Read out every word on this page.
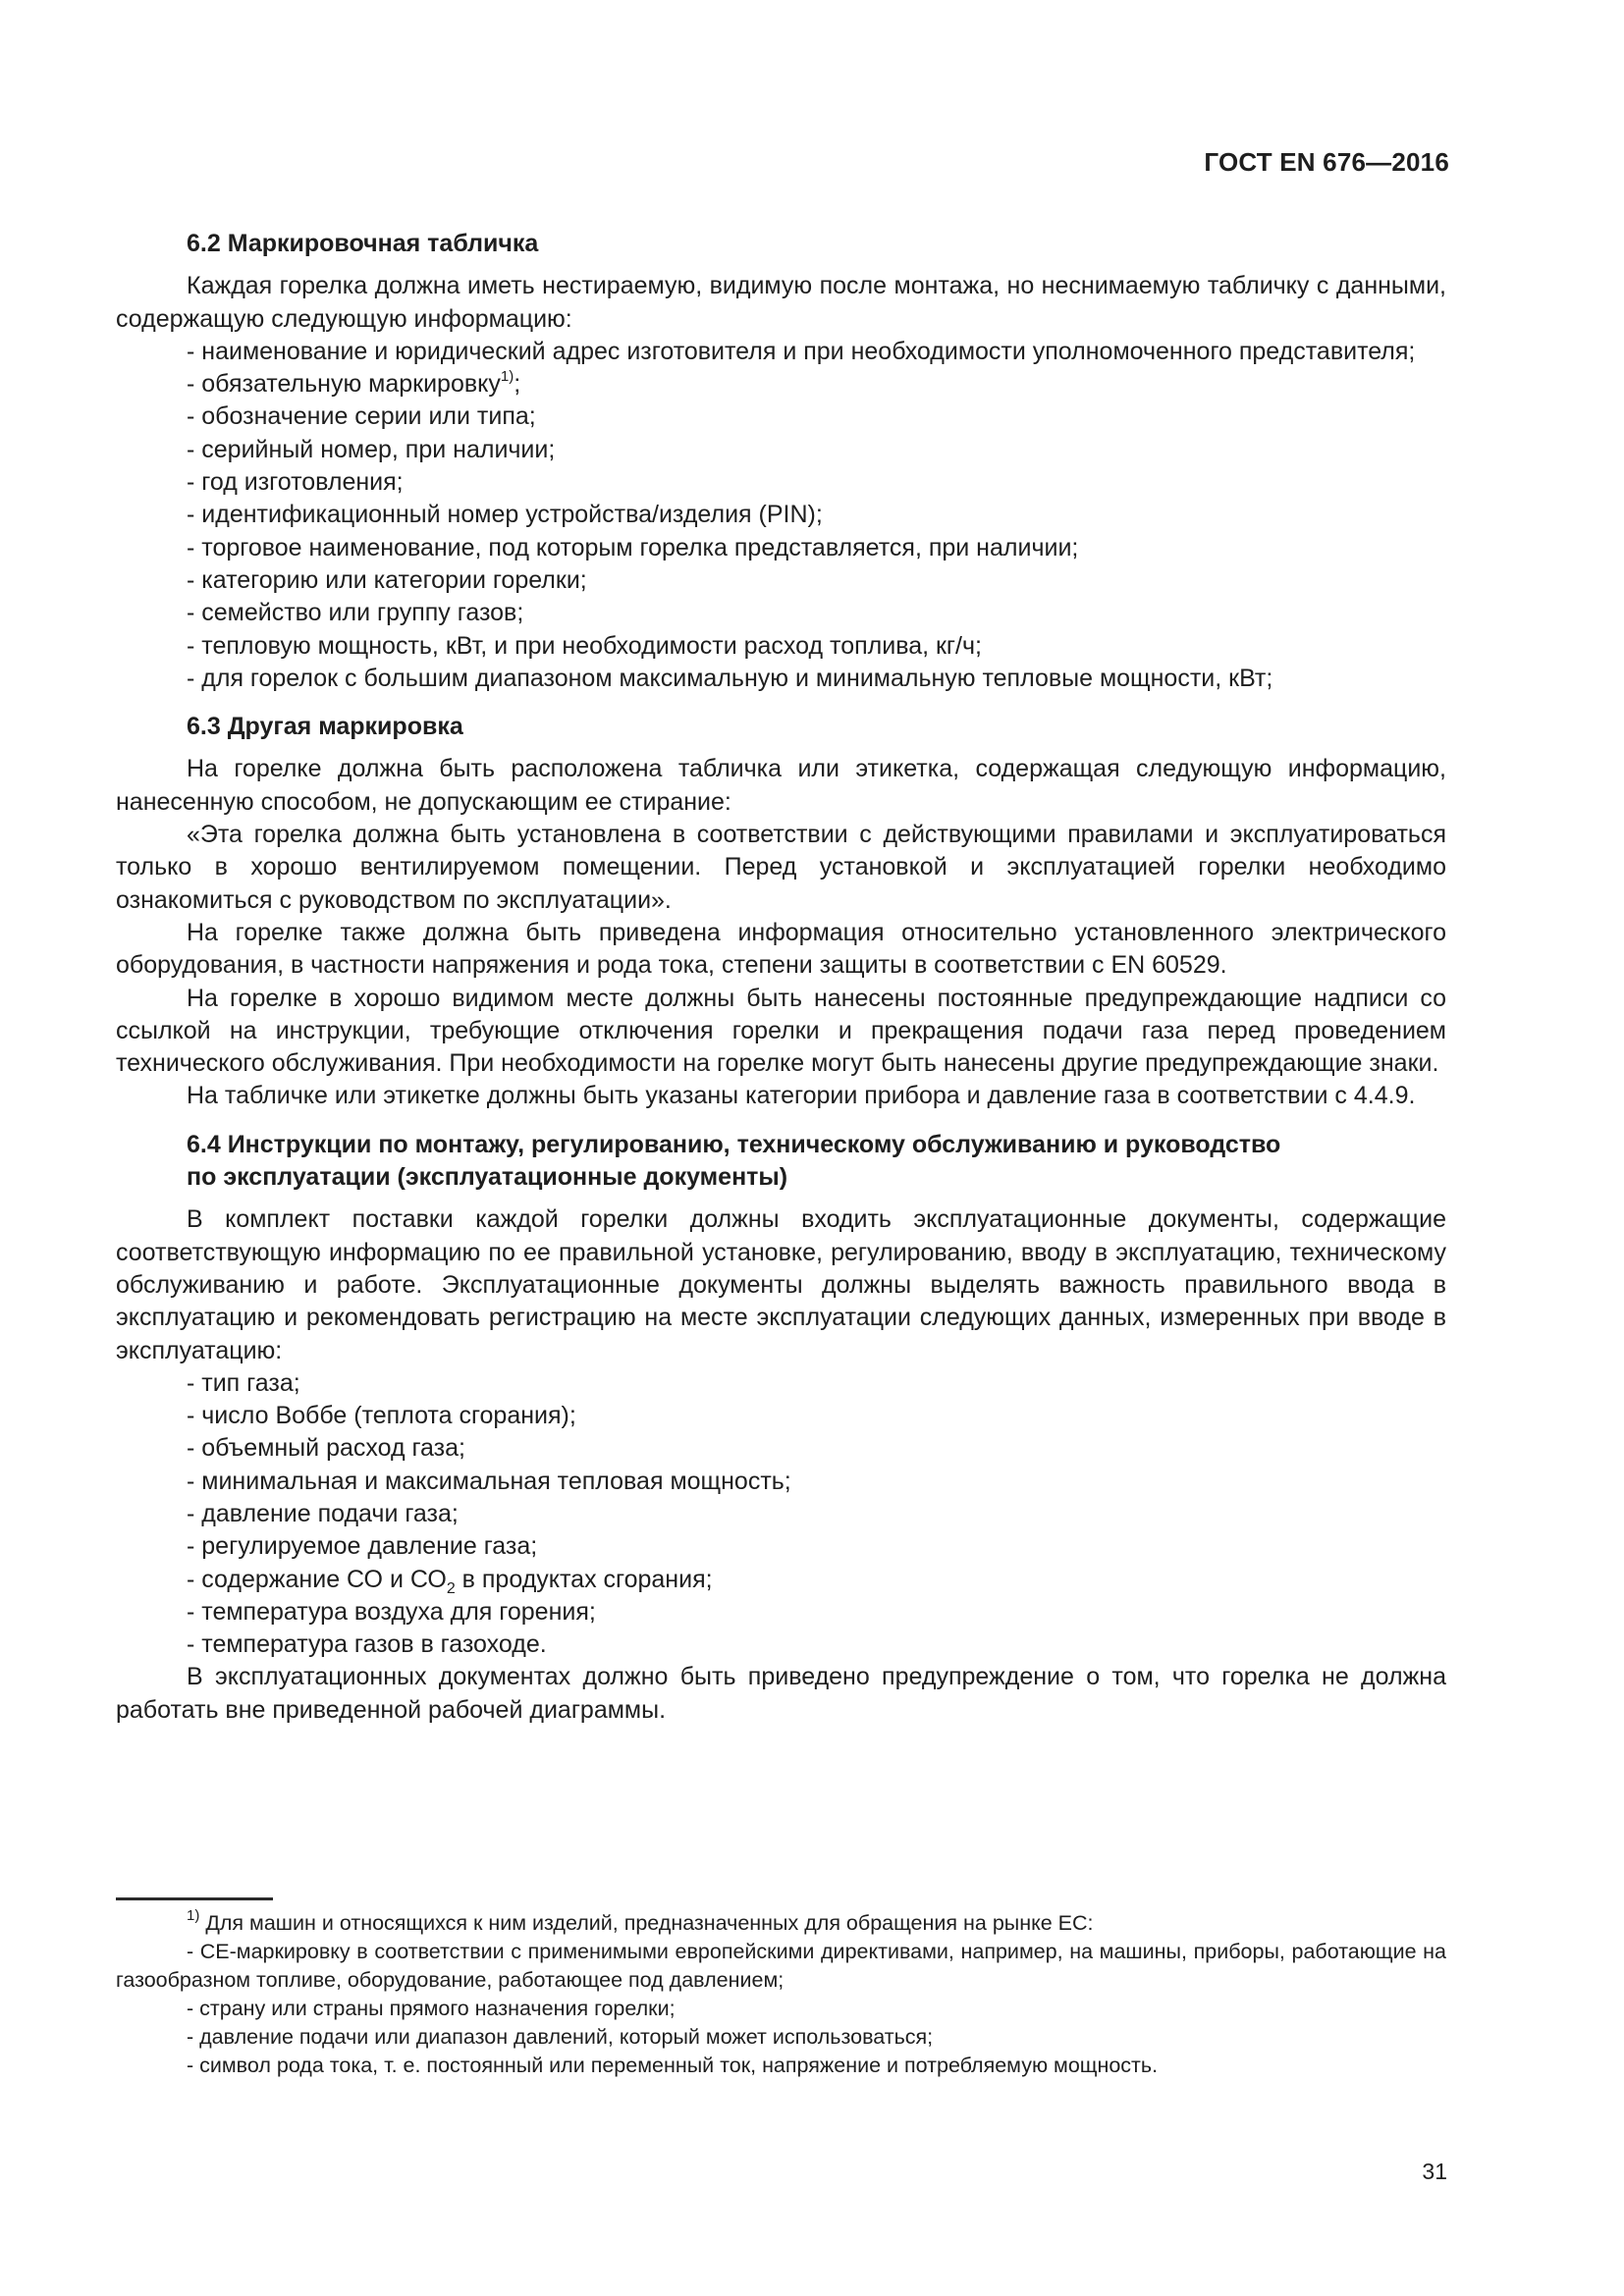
ГОСТ EN 676—2016
6.2 Маркировочная табличка

Каждая горелка должна иметь нестираемую, видимую после монтажа, но неснимаемую табличку с данными, содержащую следующую информацию:

- наименование и юридический адрес изготовителя и при необходимости уполномоченного представителя;
- обязательную маркировку$^{1)}$;
- обозначение серии или типа;
- серийный номер, при наличии;
- год изготовления;
- идентификационный номер устройства/изделия (PIN);
- торговое наименование, под которым горелка представляется, при наличии;
- категорию или категории горелки;
- семейство или группу газов;
- тепловую мощность, кВт, и при необходимости расход топлива, кг/ч;
- для горелок с большим диапазоном максимальную и минимальную тепловые мощности, кВт;
6.3 Другая маркировка

На горелке должна быть расположена табличка или этикетка, содержащая следующую информацию, нанесенную способом, не допускающим ее стирание:

«Эта горелка должна быть установлена в соответствии с действующими правилами и эксплуатироваться только в хорошо вентилируемом помещении. Перед установкой и эксплуатацией горелки необходимо ознакомиться с руководством по эксплуатации».

На горелке также должна быть приведена информация относительно установленного электрического оборудования, в частности напряжения и рода тока, степени защиты в соответствии с EN 60529.

На горелке в хорошо видимом месте должны быть нанесены постоянные предупреждающие надписи со ссылкой на инструкции, требующие отключения горелки и прекращения подачи газа перед проведением технического обслуживания. При необходимости на горелке могут быть нанесены другие предупреждающие знаки.

На табличке или этикетке должны быть указаны категории прибора и давление газа в соответствии с 4.4.9.

6.4 Инструкции по монтажу, регулированию, техническому обслуживанию и руководство
по эксплуатации (эксплуатационные документы)

В комплект поставки каждой горелки должны входить эксплуатационные документы, содержащие соответствующую информацию по ее правильной установке, регулированию, вводу в эксплуатацию, техническому обслуживанию и работе. Эксплуатационные документы должны выделять важность правильного ввода в эксплуатацию и рекомендовать регистрацию на месте эксплуатации следующих данных, измеренных при вводе в эксплуатацию:

- тип газа;
- число Воббе (теплота сгорания);
- объемный расход газа;
- минимальная и максимальная тепловая мощность;
- давление подачи газа;
- регулируемое давление газа;
- содержание СО и $СО_2$ в продуктах сгорания;
- температура воздуха для горения;
- температура газов в газоходе.

В эксплуатационных документах должно быть приведено предупреждение о том, что горелка не должна работать вне приведенной рабочей диаграммы.

$^{1)}$ Для машин и относящихся к ним изделий, предназначенных для обращения на рынке ЕС:

- СЕ-маркировку в соответствии с применимыми европейскими директивами, например, на машины, приборы, работающие на газообразном топливе, оборудование, работающее под давлением;
- страну или страны прямого назначения горелки;
- давление подачи или диапазон давлений, который может использоваться;
- символ рода тока, т. е. постоянный или переменный ток, напряжение и потребляемую мощность.
31
